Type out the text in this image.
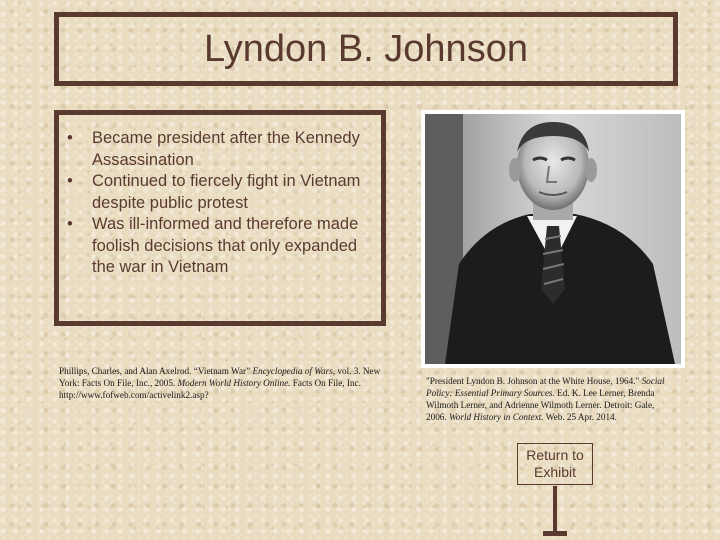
Lyndon B. Johnson
• Became president after the Kennedy Assassination
• Continued to fiercely fight in Vietnam despite public protest
• Was ill-informed and therefore made foolish decisions that only expanded the war in Vietnam
Phillips, Charles, and Alan Axelrod. “Vietnam War” Encyclopedia of Wars, vol. 3. New York: Facts On File, Inc., 2005. Modern World History Online. Facts On File, Inc. http://www.fofweb.com/activelink2.asp?
"President Lyndon B. Johnson at the White House, 1964." Social Policy: Essential Primary Sources. Ed. K. Lee Lerner, Brenda Wilmoth Lerner, and Adrienne Wilmoth Lerner. Detroit: Gale, 2006. World History in Context. Web. 25 Apr. 2014.
Return to Exhibit
